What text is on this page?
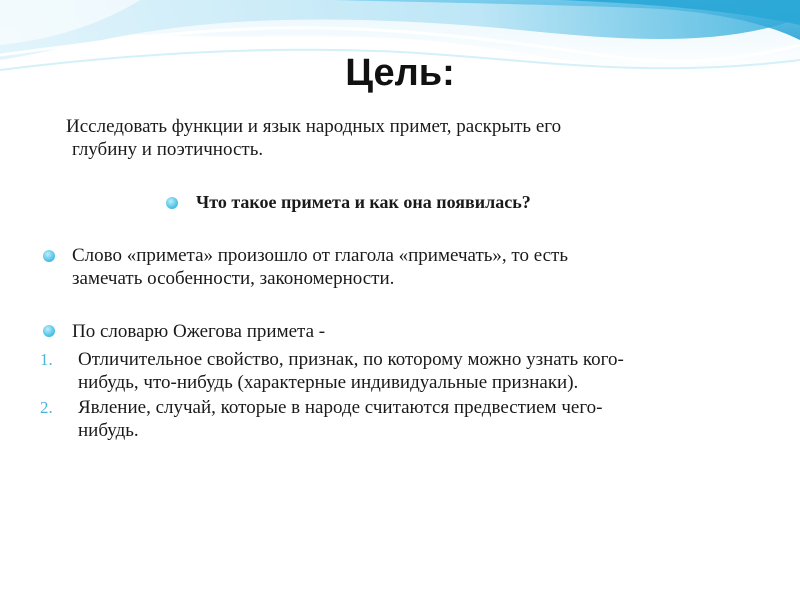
Цель:
Исследовать функции и язык народных примет, раскрыть его
глубину и поэтичность.
Что такое примета и как она появилась?
Слово «примета» произошло от глагола «примечать», то есть
замечать особенности, закономерности.
По словарю Ожегова примета -
1. Отличительное свойство, признак, по которому можно узнать кого-
нибудь, что-нибудь (характерные индивидуальные признаки).
2. Явление, случай, которые в народе считаются предвестием чего-
нибудь.
